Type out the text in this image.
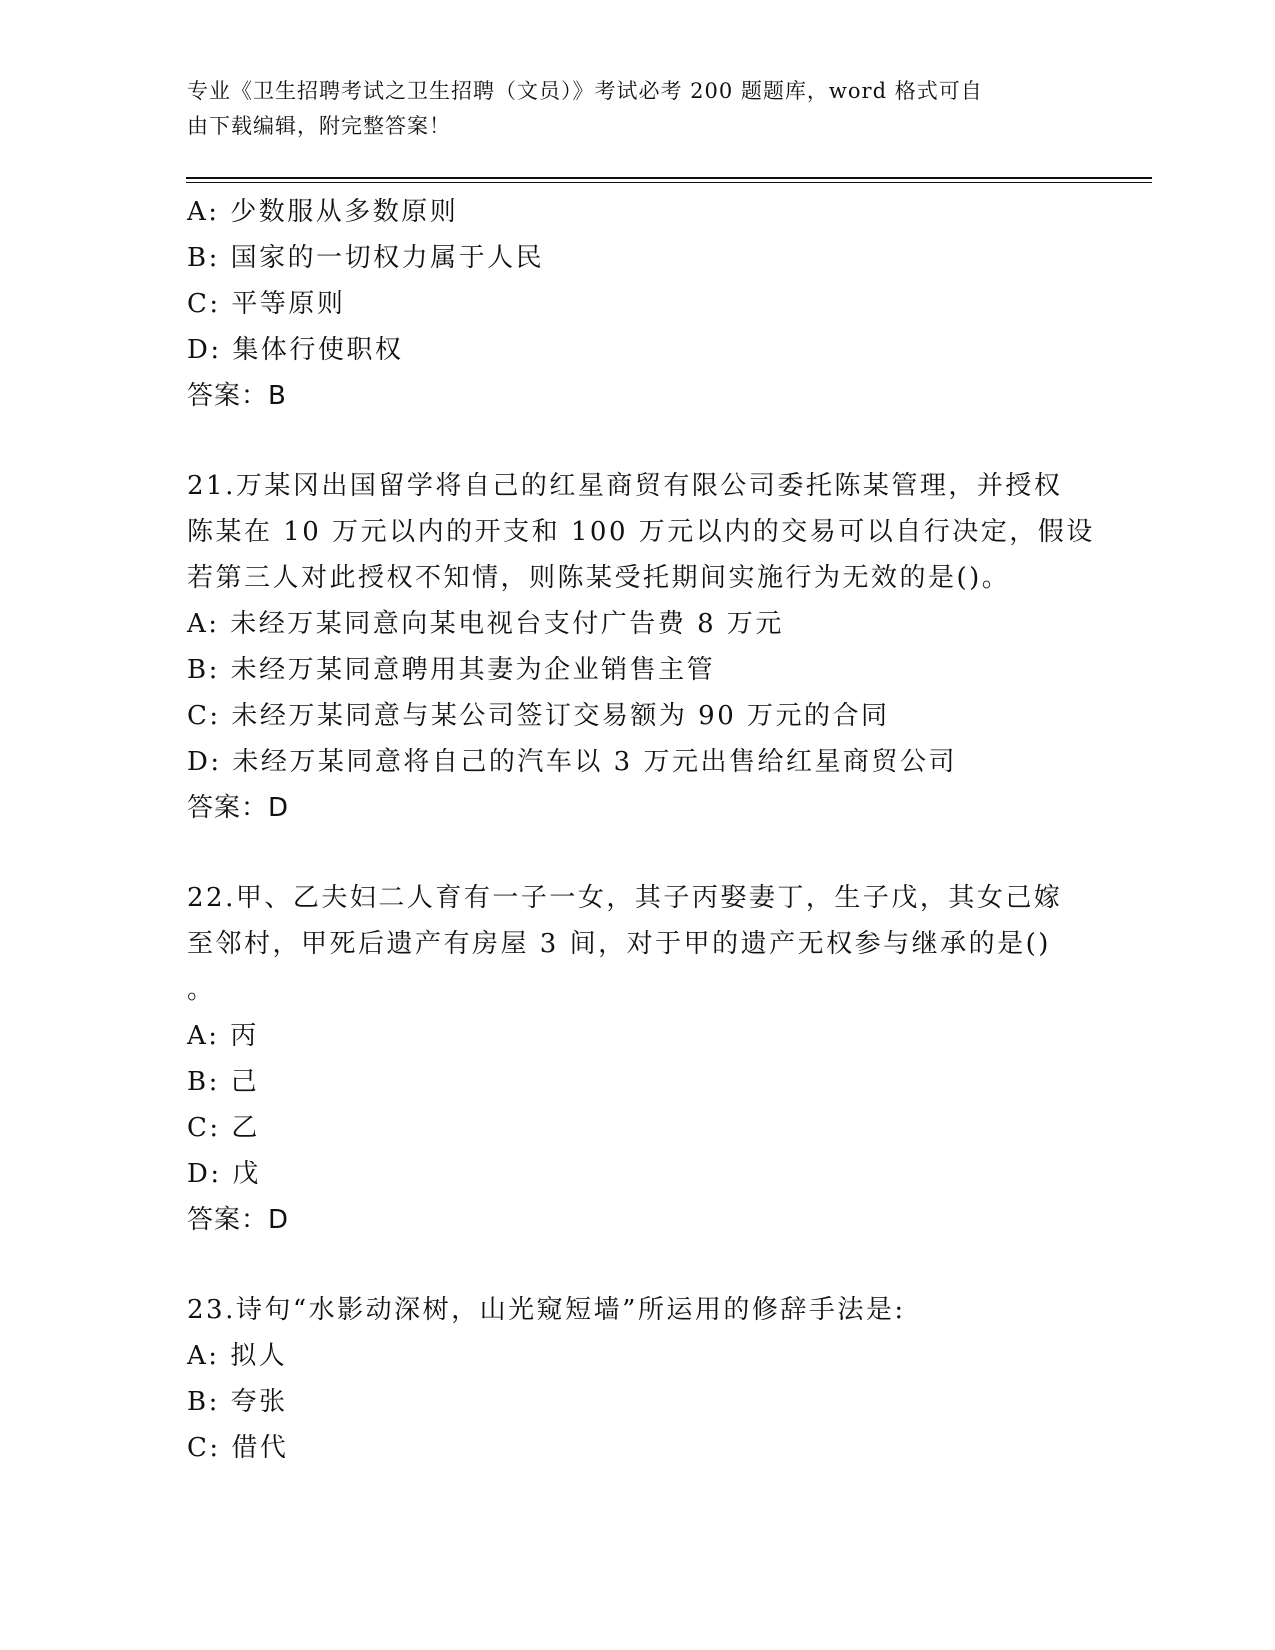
专业《卫生招聘考试之卫生招聘（文员）》考试必考 200 题题库，word 格式可自
由下载编辑，附完整答案！
A: 少数服从多数原则
B: 国家的一切权力属于人民
C: 平等原则
D: 集体行使职权
答案：B
21.万某冈出国留学将自己的红星商贸有限公司委托陈某管理，并授权
陈某在 10 万元以内的开支和 100 万元以内的交易可以自行决定，假设
若第三人对此授权不知情，则陈某受托期间实施行为无效的是()。
A: 未经万某同意向某电视台支付广告费 8 万元
B: 未经万某同意聘用其妻为企业销售主管
C: 未经万某同意与某公司签订交易额为 90 万元的合同
D: 未经万某同意将自己的汽车以 3 万元出售给红星商贸公司
答案：D
22.甲、乙夫妇二人育有一子一女，其子丙娶妻丁，生子戊，其女己嫁
至邻村，甲死后遗产有房屋 3 间，对于甲的遗产无权参与继承的是()
。
A: 丙
B: 己
C: 乙
D: 戊
答案：D
23.诗句“水影动深树，山光窥短墙”所运用的修辞手法是:
A: 拟人
B: 夸张
C: 借代
